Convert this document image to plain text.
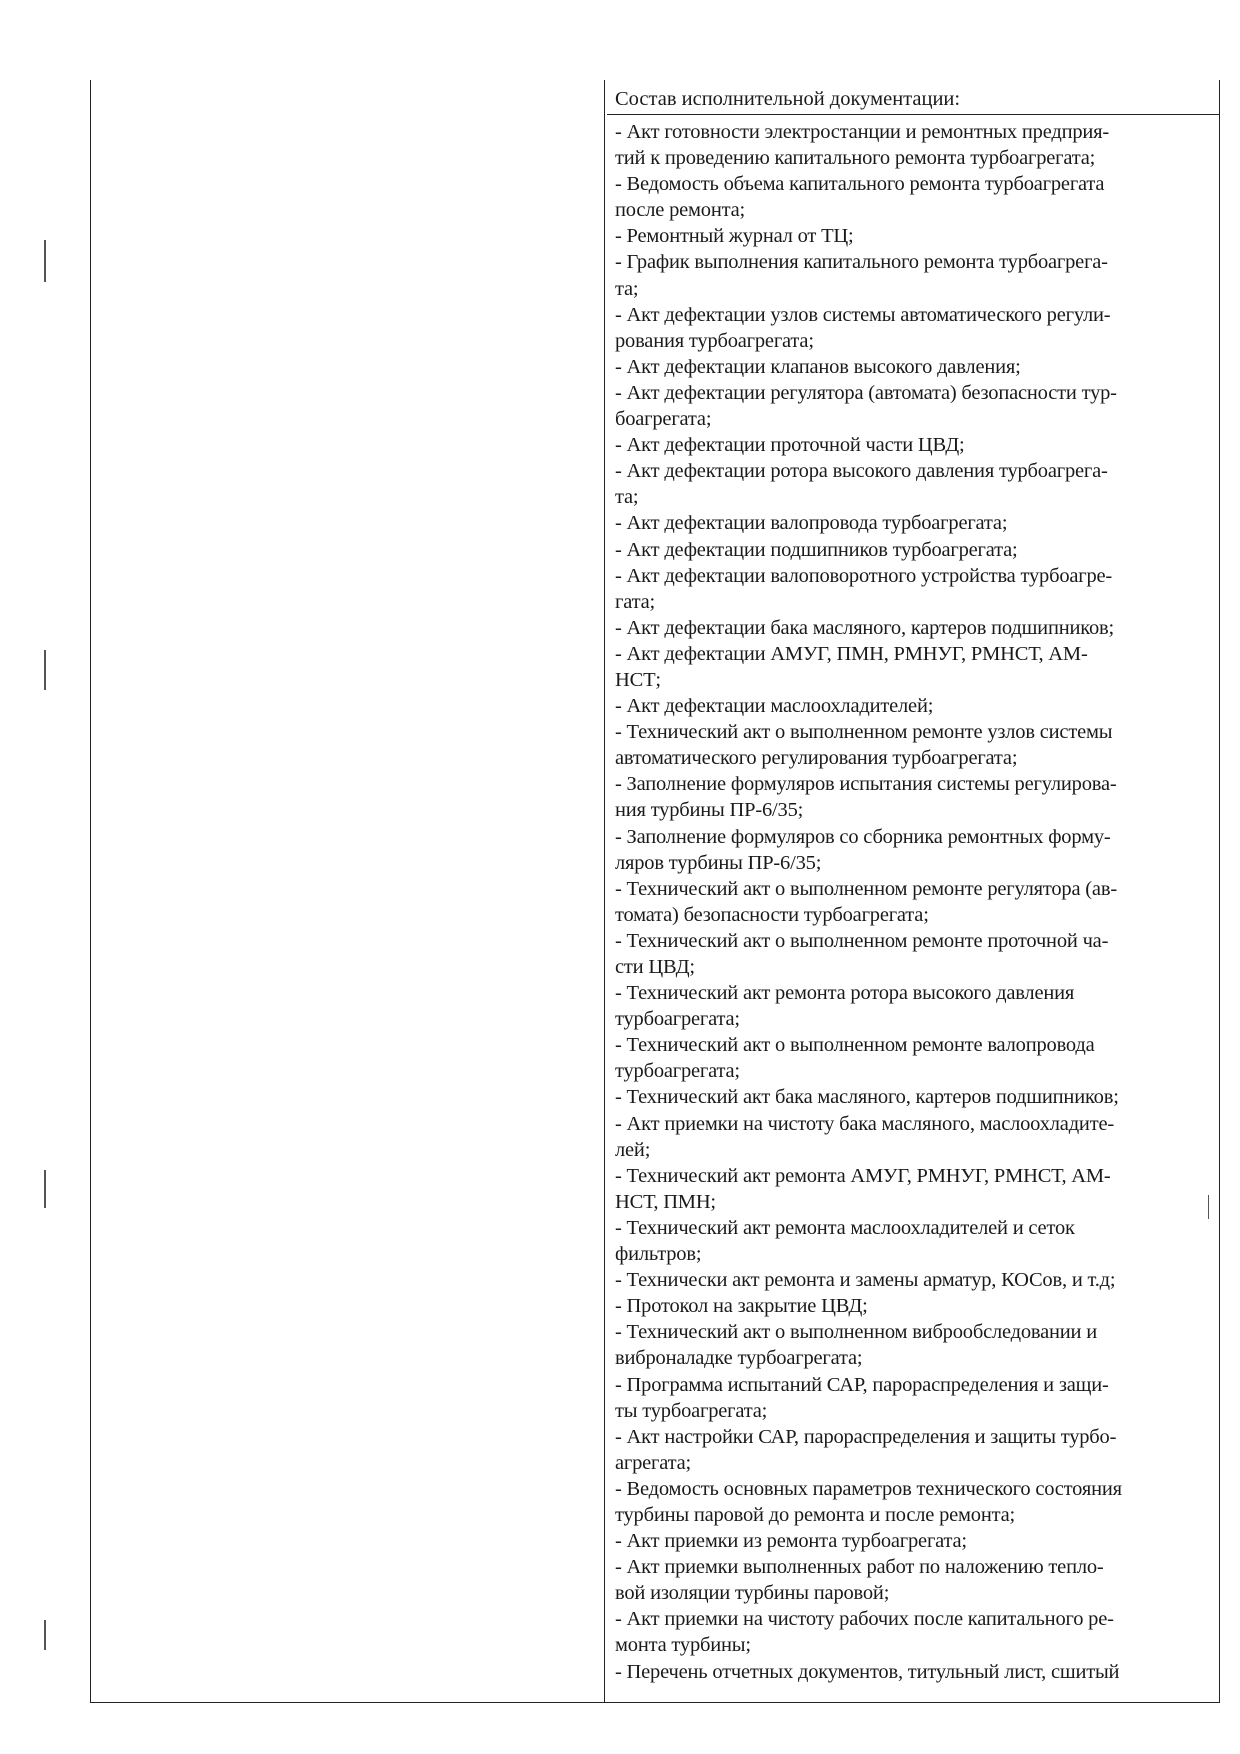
Состав исполнительной документации:
- Акт готовности электростанции и ремонтных предприя-
тий к проведению капитального ремонта турбоагрегата;
- Ведомость объема капитального ремонта турбоагрегата
после ремонта;
- Ремонтный журнал от ТЦ;
- График выполнения капитального ремонта турбоагрега-
та;
- Акт дефектации узлов системы автоматического регули-
рования турбоагрегата;
- Акт дефектации клапанов высокого давления;
- Акт дефектации регулятора (автомата) безопасности тур-
боагрегата;
- Акт дефектации проточной части ЦВД;
- Акт дефектации ротора высокого давления турбоагрега-
та;
- Акт дефектации валопровода турбоагрегата;
- Акт дефектации подшипников турбоагрегата;
- Акт дефектации валоповоротного устройства турбоагре-
гата;
- Акт дефектации бака масляного, картеров подшипников;
- Акт дефектации АМУГ, ПМН, РМНУГ, РМНСТ, АМ-
НСТ;
- Акт дефектации маслоохладителей;
- Технический акт о выполненном ремонте узлов системы
автоматического регулирования турбоагрегата;
- Заполнение формуляров испытания системы регулирова-
ния турбины ПР-6/35;
- Заполнение формуляров со сборника ремонтных форму-
ляров турбины ПР-6/35;
- Технический акт о выполненном ремонте регулятора (ав-
томата) безопасности турбоагрегата;
- Технический акт о выполненном ремонте проточной ча-
сти ЦВД;
- Технический акт ремонта ротора высокого давления
турбоагрегата;
- Технический акт о выполненном ремонте валопровода
турбоагрегата;
- Технический акт бака масляного, картеров подшипников;
- Акт приемки на чистоту бака масляного, маслоохладите-
лей;
- Технический акт ремонта АМУГ, РМНУГ, РМНСТ, АМ-
НСТ, ПМН;
- Технический акт ремонта маслоохладителей и сеток
фильтров;
- Технически акт ремонта и замены арматур, КОСов, и т.д;
- Протокол на закрытие ЦВД;
- Технический акт о выполненном виброобследовании и
вибронaладке турбоагрегата;
- Программа испытаний САР, парораспределения и защи-
ты турбоагрегата;
- Акт настройки САР, парораспределения и защиты турбо-
агрегата;
- Ведомость основных параметров технического состояния
турбины паровой до ремонта и после ремонта;
- Акт приемки из ремонта турбоагрегата;
- Акт приемки выполненных работ по наложению тепло-
вой изоляции турбины паровой;
- Акт приемки на чистоту рабочих после капитального ре-
монта турбины;
- Перечень отчетных документов, титульный лист, сшитый
